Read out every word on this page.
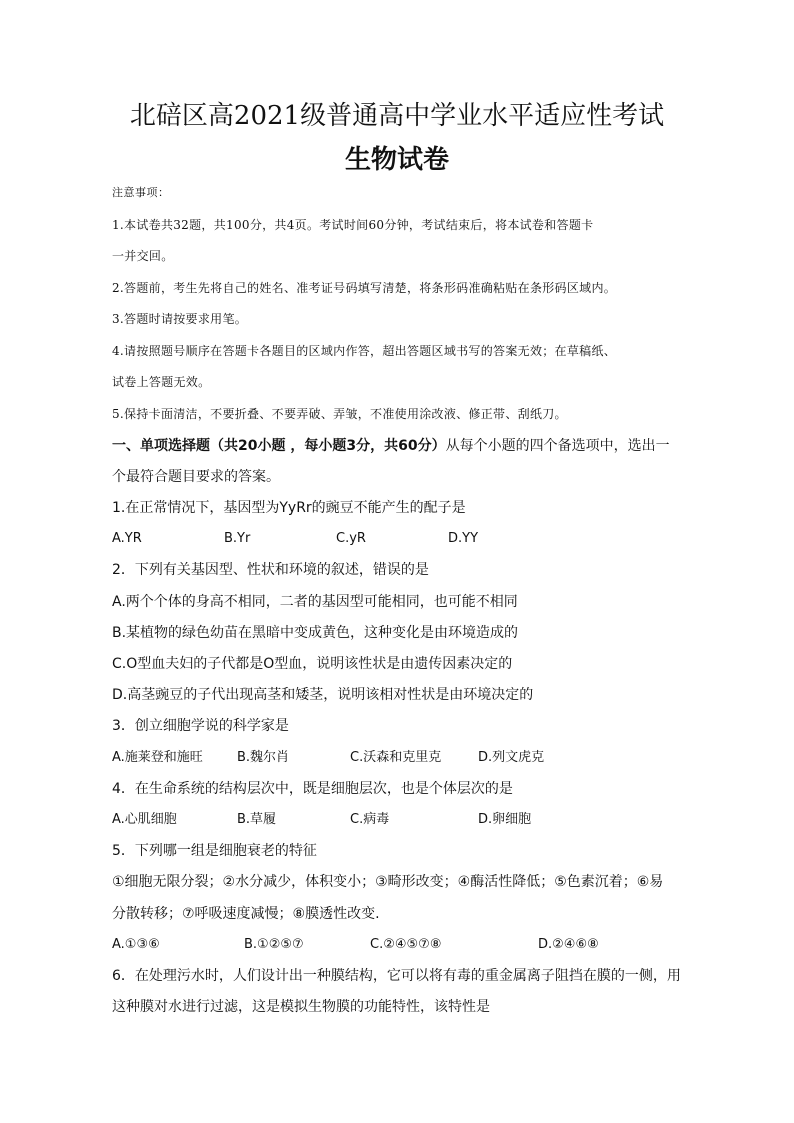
北碚区高2021级普通高中学业水平适应性考试
生物试卷
注意事项：
1.本试卷共32题，共100分，共4页。考试时间60分钟，考试结束后，将本试卷和答题卡
一并交回。
2.答题前，考生先将自己的姓名、准考证号码填写清楚，将条形码准确粘贴在条形码区域内。
3.答题时请按要求用笔。
4.请按照题号顺序在答题卡各题目的区域内作答，超出答题区域书写的答案无效；在草稿纸、
试卷上答题无效。
5.保持卡面清洁，不要折叠、不要弄破、弄皱，不准使用涂改液、修正带、刮纸刀。
一、单项选择题（共20小题 ，每小题3分，共60分）从每个小题的四个备选项中，选出一
个最符合题目要求的答案。
1.在正常情况下，基因型为YyRr的豌豆不能产生的配子是
A.YR	B.Yr	C.yR	D.YY
2．下列有关基因型、性状和环境的叙述，错误的是
A.两个个体的身高不相同，二者的基因型可能相同，也可能不相同
B.某植物的绿色幼苗在黑暗中变成黄色，这种变化是由环境造成的
C.O型血夫妇的子代都是O型血，说明该性状是由遗传因素决定的
D.高茎豌豆的子代出现高茎和矮茎，说明该相对性状是由环境决定的
3．创立细胞学说的科学家是
A.施莱登和施旺	B.魏尔肖	C.沃森和克里克	D.列文虎克
4．在生命系统的结构层次中，既是细胞层次，也是个体层次的是
A.心肌细胞	B.草履	C.病毒	D.卵细胞
5．下列哪一组是细胞衰老的特征
①细胞无限分裂；②水分减少，体积变小；③畸形改变；④酶活性降低；⑤色素沉着；⑥易
分散转移；⑦呼吸速度减慢；⑧膜透性改变.
A.①③⑥	B.①②⑤⑦	C.②④⑤⑦⑧	D.②④⑥⑧
6．在处理污水时，人们设计出一种膜结构，它可以将有毒的重金属离子阻挡在膜的一侧，用
这种膜对水进行过滤，这是模拟生物膜的功能特性，该特性是
